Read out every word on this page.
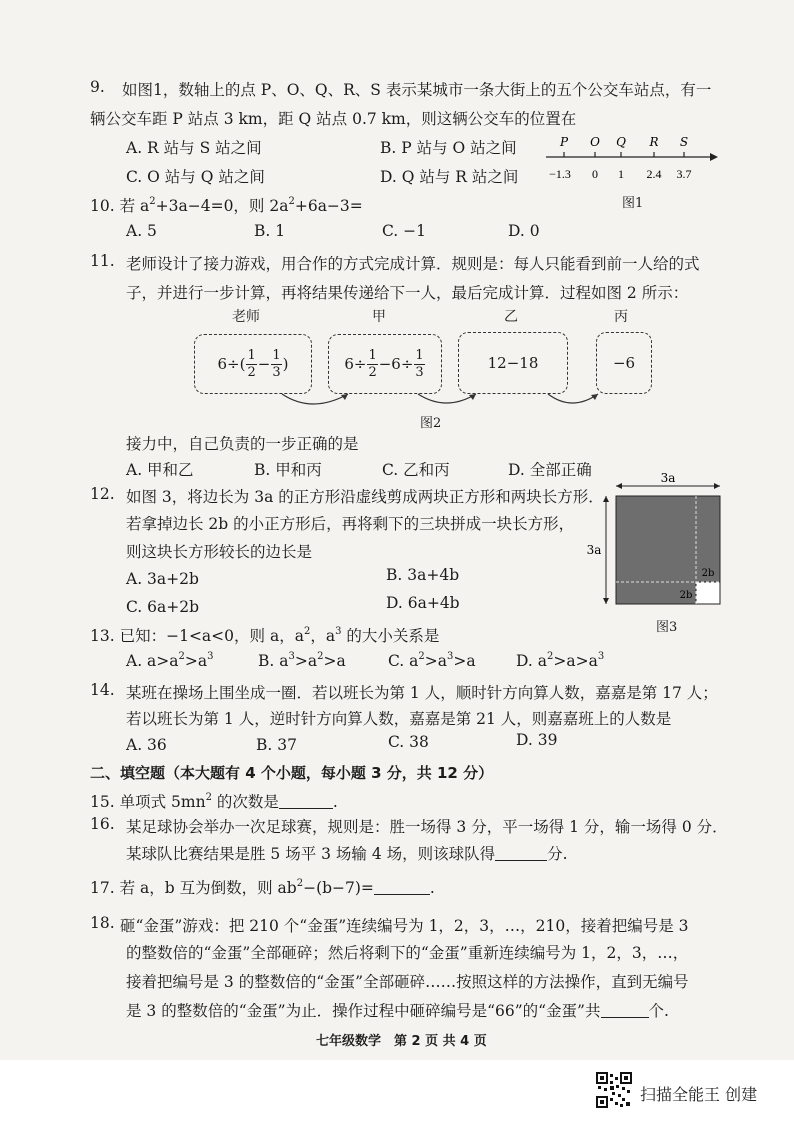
9. 如图1，数轴上的点 P、O、Q、R、S 表示某城市一条大街上的五个公交车站点，有一
辆公交车距 P 站点 3 km，距 Q 站点 0.7 km，则这辆公交车的位置在
A. R 站与 S 站之间	B. P 站与 O 站之间
C. O 站与 Q 站之间	D. Q 站与 R 站之间
P O Q R S
−1.3 0 1 2.4 3.7
图1
10. 若 $a^2+3a-4=0$，则 $2a^2+6a-3=$
A. 5	B. 1	C. −1	D. 0
11. 老师设计了接力游戏，用合作的方式完成计算．规则是：每人只能看到前一人给的式
子，并进行一步计算，再将结果传递给下一人，最后完成计算．过程如图 2 所示：
老师	甲	乙	丙
$6\div( \frac{1}{2} - \frac{1}{3}$ )	$6\div \frac{1}{2} -6\div \frac{1}{3}$	12−18	−6
图2
接力中，自己负责的一步正确的是
A. 甲和乙	B. 甲和丙	C. 乙和丙	D. 全部正确
12. 如图 3，将边长为 3a 的正方形沿虚线剪成两块正方形和两块长方形．
若拿掉边长 2b 的小正方形后，再将剩下的三块拼成一块长方形，
则这块长方形较长的边长是
A. 3a+2b	B. 3a+4b
C. 6a+2b	D. 6a+4b
3a
3a
2b
2b
图3
13. 已知：−1<a<0，则 a，$a^2$，$a^3$ 的大小关系是
A. $a>a^2>a^3$	B. $a^3>a^2>a$	C. $a^2>a^3>a$	D. $a^2>a>a^3$
14. 某班在操场上围坐成一圈．若以班长为第 1 人，顺时针方向算人数，嘉嘉是第 17 人；
若以班长为第 1 人，逆时针方向算人数，嘉嘉是第 21 人，则嘉嘉班上的人数是
A. 36	B. 37	C. 38	D. 39
二、填空题（本大题有 4 个小题，每小题 3 分，共 12 分）
15. 单项式 $5mn^2$ 的次数是	.
16. 某足球协会举办一次足球赛，规则是：胜一场得 3 分，平一场得 1 分，输一场得 0 分．
某球队比赛结果是胜 5 场平 3 场输 4 场，则该球队得	分.
17. 若 a，b 互为倒数，则 $ab^2-(b-7)=$	.
18. 砸“金蛋”游戏：把 210 个“金蛋”连续编号为 1，2，3，…，210，接着把编号是 3
的整数倍的“金蛋”全部砸碎；然后将剩下的“金蛋”重新连续编号为 1，2，3，…，
接着把编号是 3 的整数倍的“金蛋”全部砸碎……按照这样的方法操作，直到无编号
是 3 的整数倍的“金蛋”为止．操作过程中砸碎编号是“66”的“金蛋”共	个.
七年级数学　第 2 页 共 4 页
扫描全能王 创建
